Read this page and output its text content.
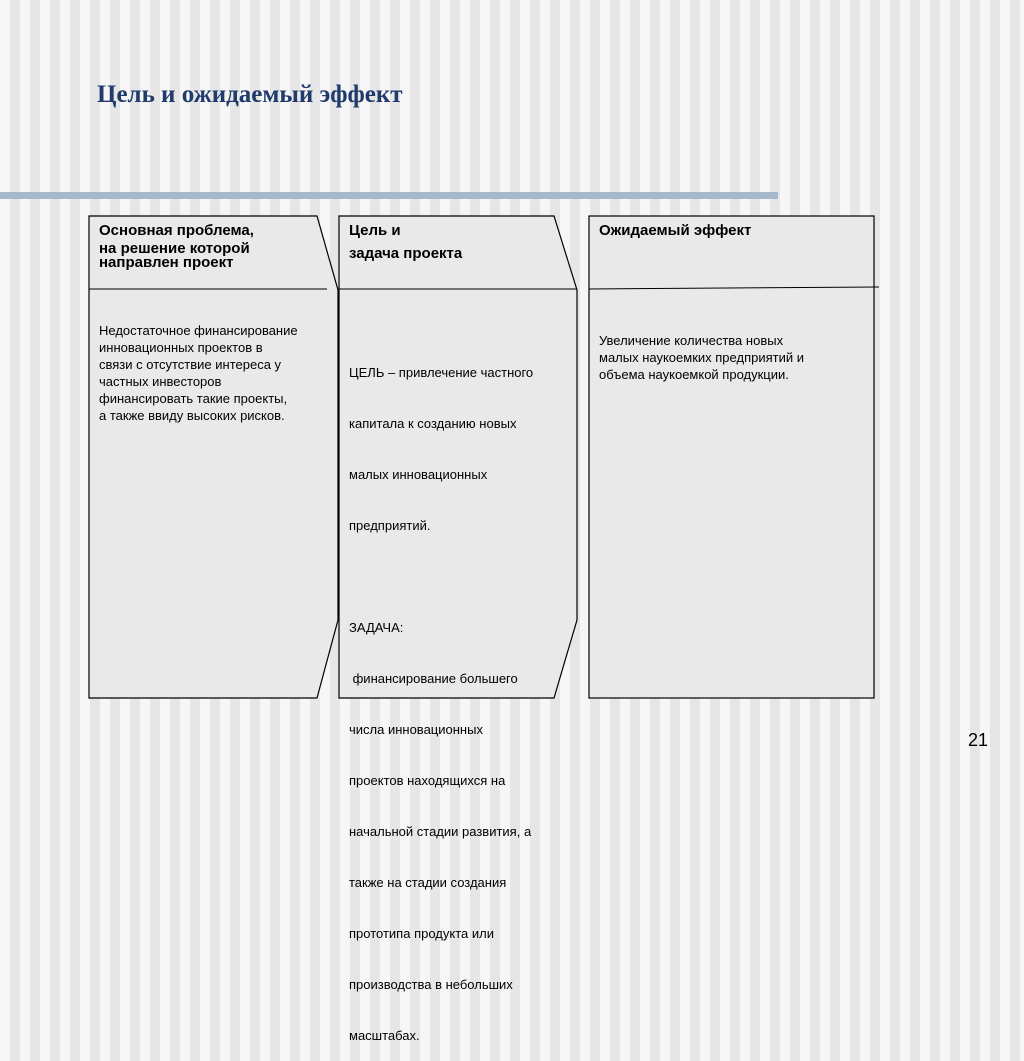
Цель и ожидаемый эффект
Основная проблема,
на решение которой
направлен проект
Недостаточное финансирование
инновационных проектов в
связи с отсутствие интереса у
частных инвесторов
финансировать такие проекты,
а также ввиду высоких рисков.
Цель и
задача проекта

ЦЕЛЬ – привлечение частного

капитала к созданию новых

малых инновационных

предприятий.

ЗАДАЧА:

финансирование большего

числа инновационных

проектов находящихся на

начальной стадии развития, а

также на стадии создания

прототипа продукта или

производства в небольших

масштабах.

Ожидаемый эффект
Увеличение количества новых
малых наукоемких предприятий и
объема наукоемкой продукции.
21
